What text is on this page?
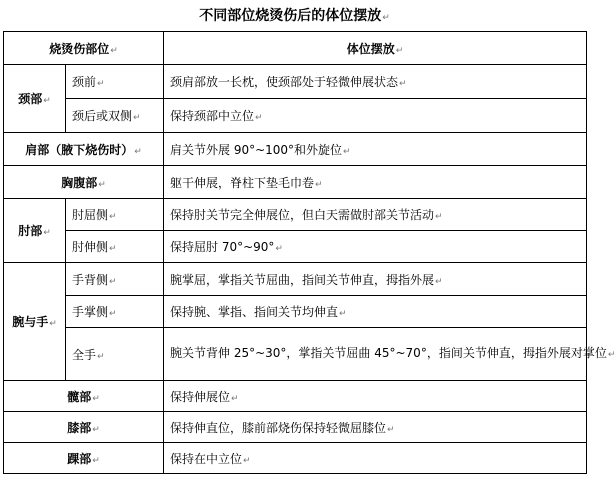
不同部位烧烫伤后的体位摆放↵
烧烫伤部位↵		体位摆放↵
颈部↵	颈前↵	颈肩部放一长枕，使颈部处于轻微伸展状态↵
	颈后或双侧↵	保持颈部中立位↵
肩部（腋下烧伤时）↵		肩关节外展 90°~100°和外旋位↵
胸腹部↵		躯干伸展，脊柱下垫毛巾卷↵
肘部↵	肘屈侧↵	保持肘关节完全伸展位，但白天需做肘部关节活动↵
	肘伸侧↵	保持屈肘 70°~90°↵
腕与手↵	手背侧↵	腕掌屈，掌指关节屈曲，指间关节伸直，拇指外展↵
	手掌侧↵	保持腕、掌指、指间关节均伸直↵
	全手↵	腕关节背伸 25°~30°，掌指关节屈曲 45°~70°，指间关节伸直，拇指外展对掌位↵
髋部↵		保持伸展位↵
膝部↵		保持伸直位，膝前部烧伤保持轻微屈膝位↵
踝部↵		保持在中立位↵
